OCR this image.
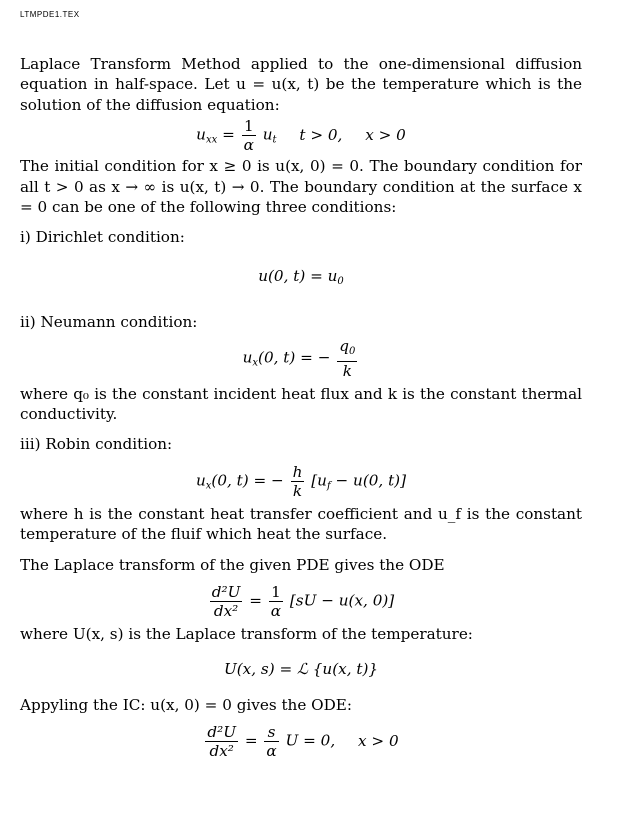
LTMPDE1.TEX

Laplace Transform Method applied to the one-dimensional diffusion equation in half-space. Let u = u(x, t) be the temperature which is the solution of the diffusion equation:

$u_{xx} = \frac{1}{\alpha} u_t$ t > 0, x > 0

The initial condition for x ≥ 0 is u(x, 0) = 0. The boundary condition for all t > 0 as x → ∞ is u(x, t) → 0. The boundary condition at the surface x = 0 can be one of the following three conditions:

i) Dirichlet condition:

u(0, $t) = u_0$

ii) Neumann condition:

$u_x(0$, t) = − $\frac{q_0}{k}$

where q₀ is the constant incident heat flux and k is the constant thermal conductivity.

iii) Robin condition:

$u_x(0$, t) = − $\frac{h}{k} [u_f - u(0$, t)]

where h is the constant heat transfer coefficient and u_f is the constant temperature of the fluif which heat the surface.

The Laplace transform of the given PDE gives the ODE

$\frac{\text{d²U}}{\text{dx²}} = \frac{1}{\alpha} [sU - u(x$, 0)]

where U(x, s) is the Laplace transform of the temperature:

U(x, s) = ℒ {u(x, t)}

Appyling the IC: u(x, 0) = 0 gives the ODE:

$\frac{\text{d²U}}{\text{dx²}} = \frac{s}{\alpha}$ U = 0, x > 0
